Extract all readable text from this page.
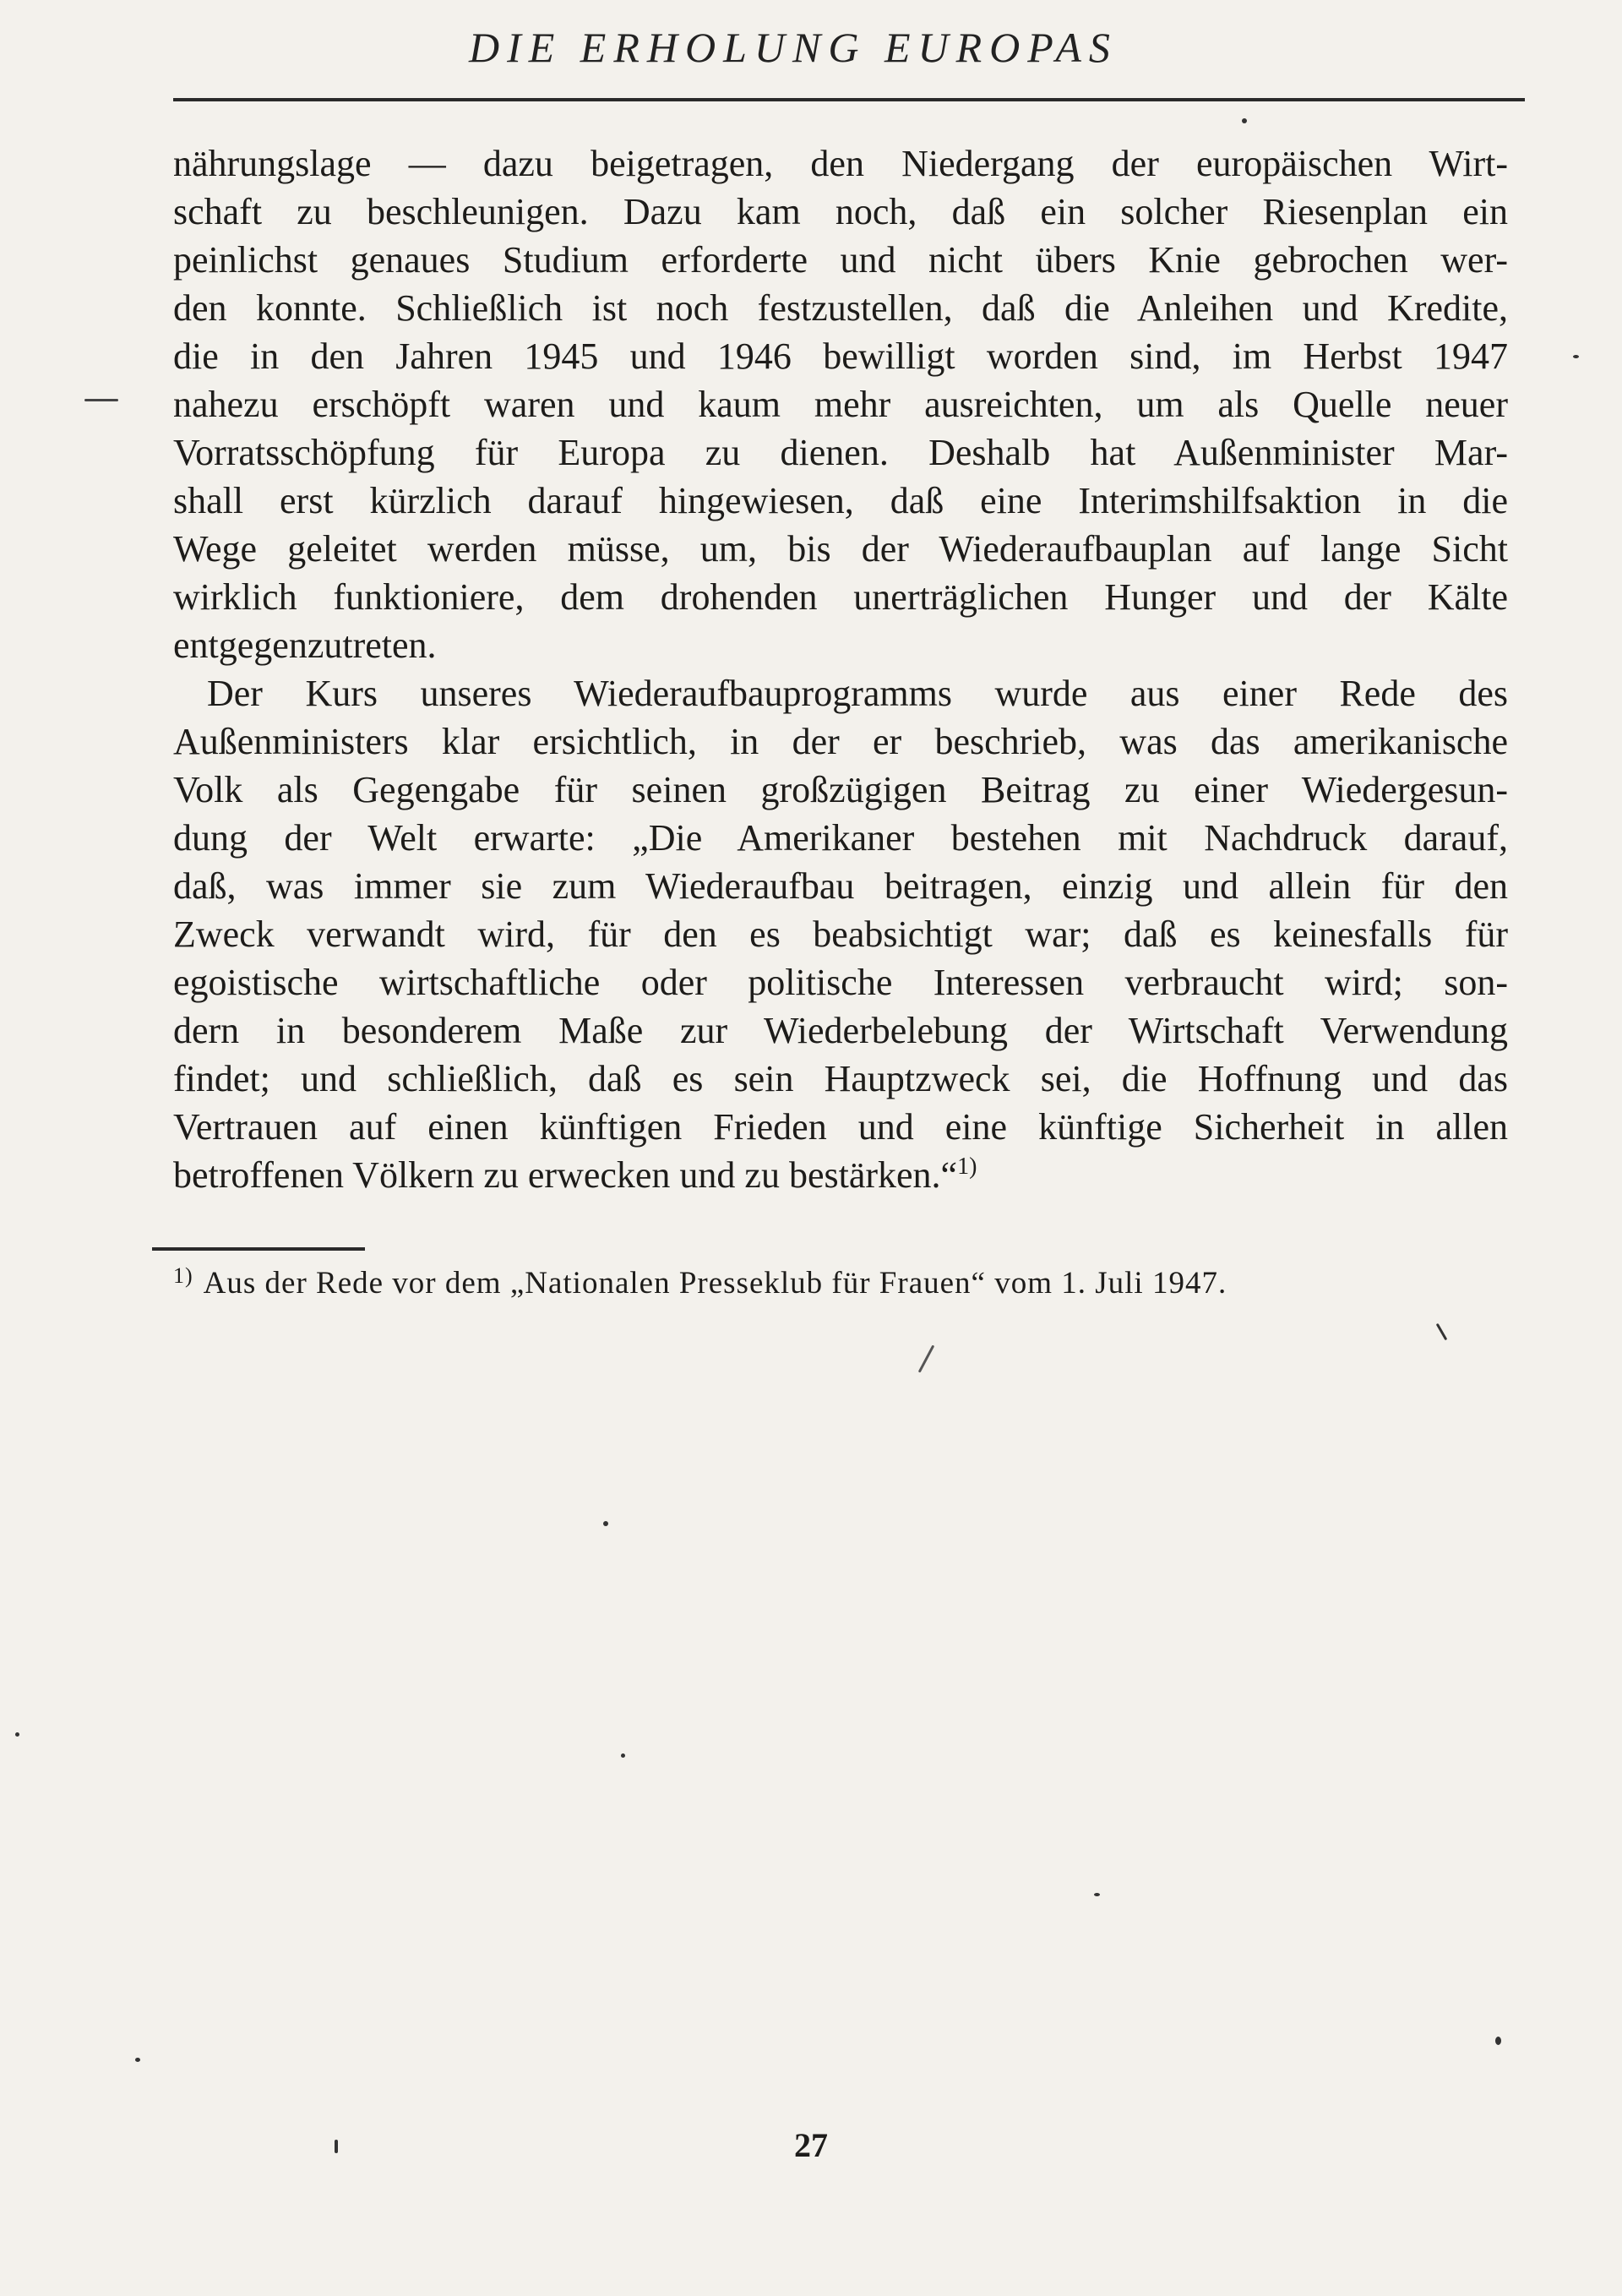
DIE ERHOLUNG EUROPAS

nährungslage — dazu beigetragen, den Niedergang der europäischen Wirt-
schaft zu beschleunigen. Dazu kam noch, daß ein solcher Riesenplan ein
peinlichst genaues Studium erforderte und nicht übers Knie gebrochen wer-
den konnte. Schließlich ist noch festzustellen, daß die Anleihen und Kredite,
die in den Jahren 1945 und 1946 bewilligt worden sind, im Herbst 1947
nahezu erschöpft waren und kaum mehr ausreichten, um als Quelle neuer
Vorratsschöpfung für Europa zu dienen. Deshalb hat Außenminister Mar-
shall erst kürzlich darauf hingewiesen, daß eine Interimshilfsaktion in die
Wege geleitet werden müsse, um, bis der Wiederaufbauplan auf lange Sicht
wirklich funktioniere, dem drohenden unerträglichen Hunger und der Kälte
entgegenzutreten.

Der Kurs unseres Wiederaufbauprogramms wurde aus einer Rede des
Außenministers klar ersichtlich, in der er beschrieb, was das amerikanische
Volk als Gegengabe für seinen großzügigen Beitrag zu einer Wiedergesun-
dung der Welt erwarte: „Die Amerikaner bestehen mit Nachdruck darauf,
daß, was immer sie zum Wiederaufbau beitragen, einzig und allein für den
Zweck verwandt wird, für den es beabsichtigt war; daß es keinesfalls für
egoistische wirtschaftliche oder politische Interessen verbraucht wird; son-
dern in besonderem Maße zur Wiederbelebung der Wirtschaft Verwendung
findet; und schließlich, daß es sein Hauptzweck sei, die Hoffnung und das
Vertrauen auf einen künftigen Frieden und eine künftige Sicherheit in allen
betroffenen Völkern zu erwecken und zu bestärken.“$^{1)}$

$^{1)}$ Aus der Rede vor dem „Nationalen Presseklub für Frauen“ vom 1. Juli 1947.
27
